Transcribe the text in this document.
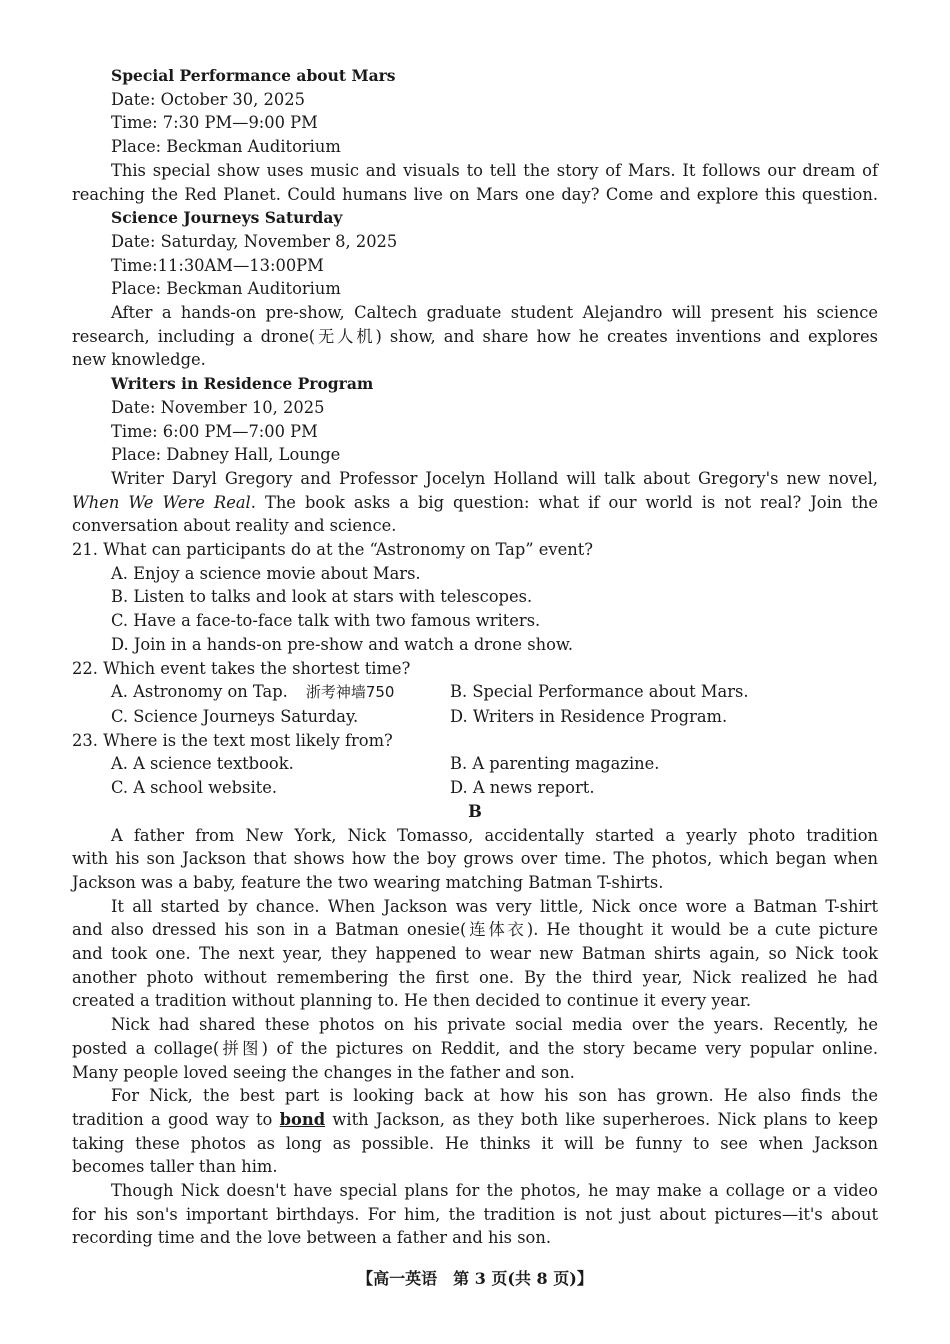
Special Performance about Mars
Date: October 30, 2025
Time: 7:30 PM—9:00 PM
Place: Beckman Auditorium
This special show uses music and visuals to tell the story of Mars. It follows our dream of
reaching the Red Planet. Could humans live on Mars one day? Come and explore this question.
Science Journeys Saturday
Date: Saturday, November 8, 2025
Time:11:30AM—13:00PM
Place: Beckman Auditorium
After a hands-on pre-show, Caltech graduate student Alejandro will present his science
research, including a drone(无人机) show, and share how he creates inventions and explores
new knowledge.
Writers in Residence Program
Date: November 10, 2025
Time: 6:00 PM—7:00 PM
Place: Dabney Hall, Lounge
Writer Daryl Gregory and Professor Jocelyn Holland will talk about Gregory's new novel,
When We Were Real. The book asks a big question: what if our world is not real? Join the
conversation about reality and science.
21. What can participants do at the “Astronomy on Tap” event?
A. Enjoy a science movie about Mars.
B. Listen to talks and look at stars with telescopes.
C. Have a face-to-face talk with two famous writers.
D. Join in a hands-on pre-show and watch a drone show.
22. Which event takes the shortest time?
A. Astronomy on Tap. 浙考神墙750	B. Special Performance about Mars.
C. Science Journeys Saturday.	D. Writers in Residence Program.
23. Where is the text most likely from?
A. A science textbook.	B. A parenting magazine.
C. A school website.	D. A news report.
B
A father from New York, Nick Tomasso, accidentally started a yearly photo tradition
with his son Jackson that shows how the boy grows over time. The photos, which began when
Jackson was a baby, feature the two wearing matching Batman T-shirts.
It all started by chance. When Jackson was very little, Nick once wore a Batman T-shirt
and also dressed his son in a Batman onesie(连体衣). He thought it would be a cute picture
and took one. The next year, they happened to wear new Batman shirts again, so Nick took
another photo without remembering the first one. By the third year, Nick realized he had
created a tradition without planning to. He then decided to continue it every year.
Nick had shared these photos on his private social media over the years. Recently, he
posted a collage(拼图) of the pictures on Reddit, and the story became very popular online.
Many people loved seeing the changes in the father and son.
For Nick, the best part is looking back at how his son has grown. He also finds the
tradition a good way to bond with Jackson, as they both like superheroes. Nick plans to keep
taking these photos as long as possible. He thinks it will be funny to see when Jackson
becomes taller than him.
Though Nick doesn't have special plans for the photos, he may make a collage or a video
for his son's important birthdays. For him, the tradition is not just about pictures—it's about
recording time and the love between a father and his son.
【高一英语　第 3 页(共 8 页)】
